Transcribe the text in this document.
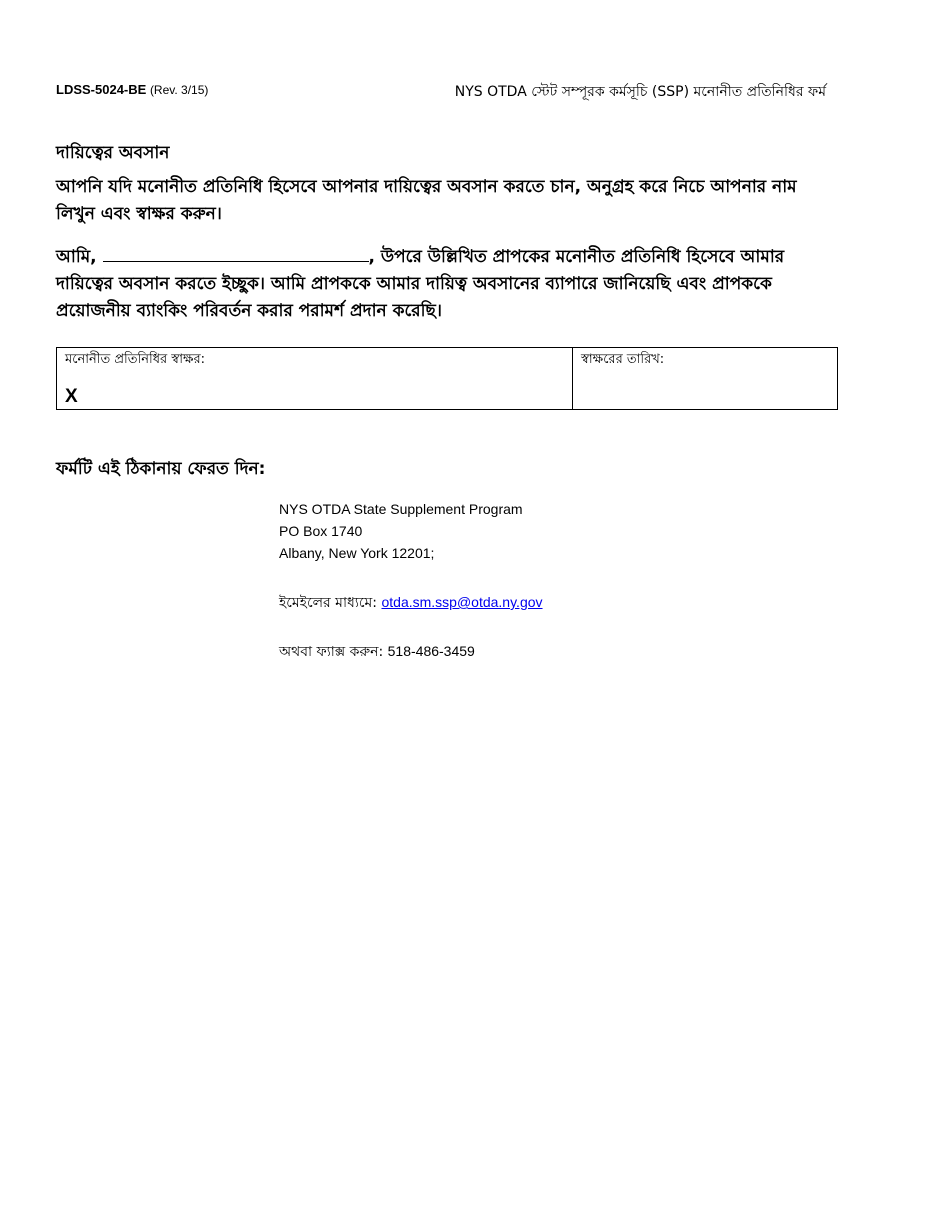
LDSS-5024-BE (Rev. 3/15)	NYS OTDA স্টেট সম্পূরক কর্মসূচি (SSP) মনোনীত প্রতিনিধির ফর্ম
দায়িত্বের অবসান
আপনি যদি মনোনীত প্রতিনিধি হিসেবে আপনার দায়িত্বের অবসান করতে চান, অনুগ্রহ করে নিচে আপনার নাম লিখুন এবং স্বাক্ষর করুন।
আমি,	, উপরে উল্লিখিত প্রাপকের মনোনীত প্রতিনিধি হিসেবে আমার দায়িত্বের অবসান করতে ইচ্ছুক। আমি প্রাপককে আমার দায়িত্ব অবসানের ব্যাপারে জানিয়েছি এবং প্রাপককে প্রয়োজনীয় ব্যাংকিং পরিবর্তন করার পরামর্শ প্রদান করেছি।
মনোনীত প্রতিনিধির স্বাক্ষর:
X
স্বাক্ষরের তারিখ:
ফর্মটি এই ঠিকানায় ফেরত দিন:
NYS OTDA State Supplement Program
PO Box 1740
Albany, New York 12201;
ইমেইলের মাধ্যমে: otda.sm.ssp@otda.ny.gov
অথবা ফ্যাক্স করুন: 518-486-3459
